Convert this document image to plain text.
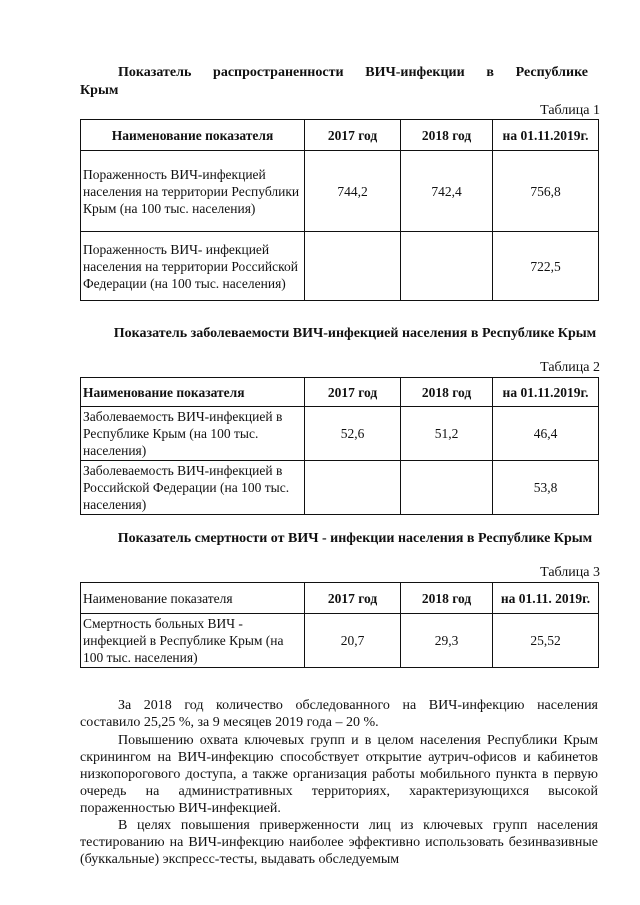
Показатель распространенности ВИЧ-инфекции в Республике
Крым
Таблица 1
Наименование показателя	2017 год	2018 год	на 01.11.2019г.
Пораженность ВИЧ-инфекцией населения на территории Республики Крым (на 100 тыс. населения)	744,2	742,4	756,8
Пораженность ВИЧ- инфекцией населения на территории Российской Федерации (на 100 тыс. населения)			722,5
Показатель заболеваемости ВИЧ-инфекцией населения в Республике Крым
Таблица 2
Наименование показателя	2017 год	2018 год	на 01.11.2019г.
Заболеваемость ВИЧ-инфекцией в Республике Крым (на 100 тыс. населения)	52,6	51,2	46,4
Заболеваемость ВИЧ-инфекцией в Российской Федерации (на 100 тыс. населения)			53,8
Показатель смертности от ВИЧ - инфекции населения в Республике Крым
Таблица 3
Наименование показателя	2017 год	2018 год	на 01.11. 2019г.
Смертность больных ВИЧ - инфекцией в Республике Крым (на 100 тыс. населения)	20,7	29,3	25,52

За 2018 год количество обследованного на ВИЧ-инфекцию населения составило 25,25 %, за 9 месяцев 2019 года – 20 %.

Повышению охвата ключевых групп и в целом населения Республики Крым скринингом на ВИЧ-инфекцию способствует открытие аутрич-офисов и кабинетов низкопорогового доступа, а также организация работы мобильного пункта в первую очередь на административных территориях, характеризующихся высокой пораженностью ВИЧ-инфекцией.

В целях повышения приверженности лиц из ключевых групп населения тестированию на ВИЧ-инфекцию наиболее эффективно использовать безинвазивные (буккальные) экспресс-тесты, выдавать обследуемым
